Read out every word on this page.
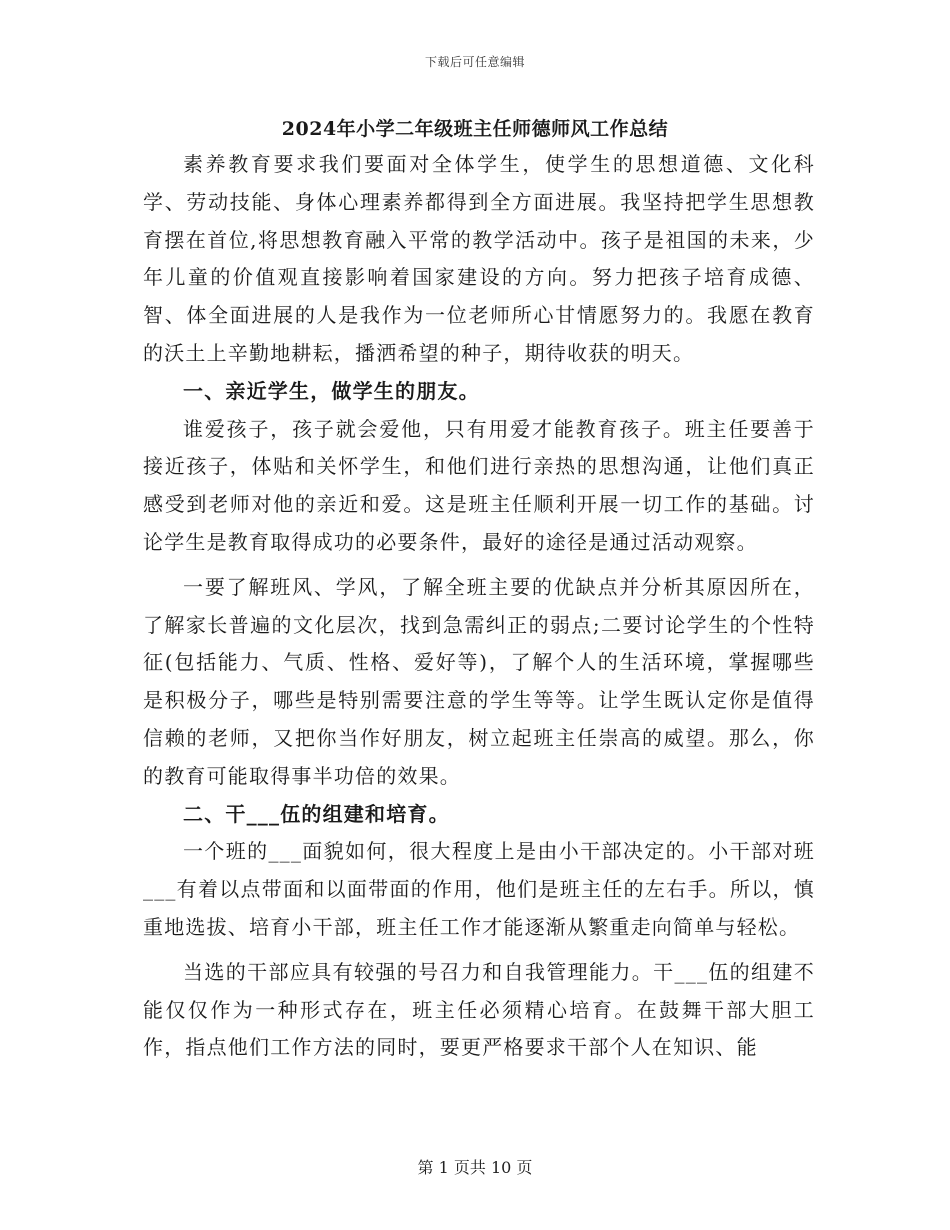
下载后可任意编辑
2024年小学二年级班主任师德师风工作总结

素养教育要求我们要面对全体学生，使学生的思想道德、文化科学、劳动技能、身体心理素养都得到全方面进展。我坚持把学生思想教育摆在首位,将思想教育融入平常的教学活动中。孩子是祖国的未来，少年儿童的价值观直接影响着国家建设的方向。努力把孩子培育成德、智、体全面进展的人是我作为一位老师所心甘情愿努力的。我愿在教育的沃土上辛勤地耕耘，播洒希望的种子，期待收获的明天。

一、亲近学生，做学生的朋友。

谁爱孩子，孩子就会爱他，只有用爱才能教育孩子。班主任要善于接近孩子，体贴和关怀学生，和他们进行亲热的思想沟通，让他们真正感受到老师对他的亲近和爱。这是班主任顺利开展一切工作的基础。讨论学生是教育取得成功的必要条件，最好的途径是通过活动观察。

一要了解班风、学风，了解全班主要的优缺点并分析其原因所在，了解家长普遍的文化层次，找到急需纠正的弱点;二要讨论学生的个性特征(包括能力、气质、性格、爱好等)，了解个人的生活环境，掌握哪些是积极分子，哪些是特别需要注意的学生等等。让学生既认定你是值得信赖的老师，又把你当作好朋友，树立起班主任崇高的威望。那么，你的教育可能取得事半功倍的效果。

二、干___伍的组建和培育。

一个班的___面貌如何，很大程度上是由小干部决定的。小干部对班___有着以点带面和以面带面的作用，他们是班主任的左右手。所以，慎重地选拔、培育小干部，班主任工作才能逐渐从繁重走向简单与轻松。

当选的干部应具有较强的号召力和自我管理能力。干___伍的组建不能仅仅作为一种形式存在，班主任必须精心培育。在鼓舞干部大胆工作，指点他们工作方法的同时，要更严格要求干部个人在知识、能

第 1 页共 10 页
